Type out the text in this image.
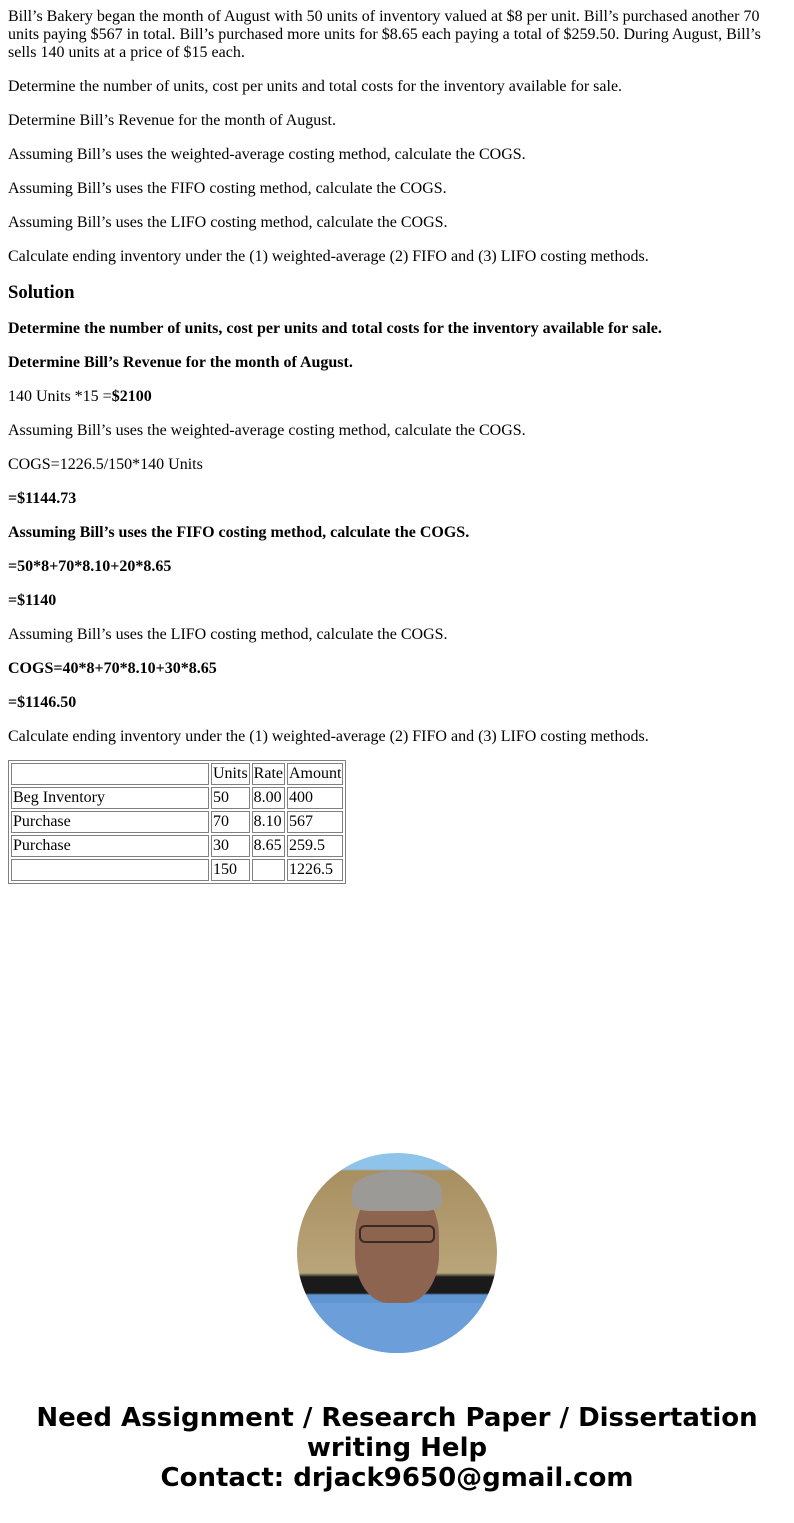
Bill’s Bakery began the month of August with 50 units of inventory valued at $8 per unit. Bill’s purchased another 70 units paying $567 in total. Bill’s purchased more units for $8.65 each paying a total of $259.50. During August, Bill’s sells 140 units at a price of $15 each.

Determine the number of units, cost per units and total costs for the inventory available for sale.

Determine Bill’s Revenue for the month of August.

Assuming Bill’s uses the weighted-average costing method, calculate the COGS.

Assuming Bill’s uses the FIFO costing method, calculate the COGS.

Assuming Bill’s uses the LIFO costing method, calculate the COGS.

Calculate ending inventory under the (1) weighted-average (2) FIFO and (3) LIFO costing methods.

Solution

Determine the number of units, cost per units and total costs for the inventory available for sale.

Determine Bill’s Revenue for the month of August.

140 Units *15 =$2100

Assuming Bill’s uses the weighted-average costing method, calculate the COGS.

COGS=1226.5/150*140 Units

=$1144.73

Assuming Bill’s uses the FIFO costing method, calculate the COGS.

=50*8+70*8.10+20*8.65

=$1140

Assuming Bill’s uses the LIFO costing method, calculate the COGS.

COGS=40*8+70*8.10+30*8.65

=$1146.50

Calculate ending inventory under the (1) weighted-average (2) FIFO and (3) LIFO costing methods.

	Units	Rate	Amount
Beg Inventory	50	8.00	400
Purchase	70	8.10	567
Purchase	30	8.65	259.5
	150		1226.5
Need Assignment / Research Paper / Dissertation
writing Help
Contact: drjack9650@gmail.com
